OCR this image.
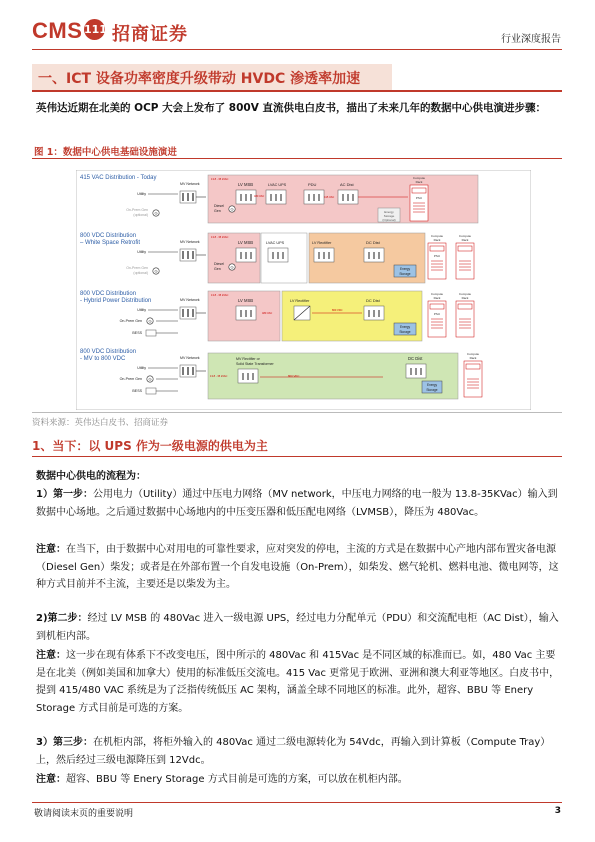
CMS 111 招商证券	行业深度报告
一、ICT 设备功率密度升级带动 HVDC 渗透率加速
英伟达近期在北美的 OCP 大会上发布了 800V 直流供电白皮书，描出了未来几年的数据中心供电演进步骤：
图 1：数据中心供电基础设施演进
415 VAC Distribution - Today
Utility
On-Prem Gen
(optional) G
MV Network
13.8 - 35 kVAC
Diesel
Gen G
LV MSB	LVAC UPS
480 VAC
PDU	AC Dist
415 VAC
Energy
Storage
(Optional)
Compute
Rack
PSU
800 VDC Distribution
– White Space Retrofit
Utility
On-Prem Gen
(optional) G
MV Network
13.8 - 35 kVAC
Diesel
Gen G
LV MSB	LVAC UPS	LV Rectifier	DC Dist
Energy
Storage
Compute
Rack
PSU
Compute
Rack
800 VDC Distribution
- Hybrid Power Distribution
Utility
On-Prem Gen G
BESS
MV Network
13.8 - 35 kVAC
LV MSB	LV Rectifier
480 VAC
800 VDC
DC Dist
Energy
Storage
Compute
Rack
PSU
Compute
Rack
800 VDC Distribution
- MV to 800 VDC
Utility
On-Prem Gen G
BESS
MV Network	MV Rectifier or
Solid State Transformer
13.8 - 35 kVAC	800 VDC
DC Dist
Energy
Storage
Compute
Rack
资料来源：英伟达白皮书、招商证券
1、当下：以 UPS 作为一级电源的供电为主
数据中心供电的流程为：
1）第一步：公用电力（Utility）通过中压电力网络（MV network，中压电力网络的电一般为 13.8-35KVac）输入到数据中心场地。之后通过数据中心场地内的中压变压器和低压配电网络（LVMSB），降压为 480Vac。
注意：在当下，由于数据中心对用电的可靠性要求，应对突发的停电，主流的方式是在数据中心产地内部布置灾备电源（Diesel Gen）柴发；或者是在外部布置一个自发电设施（On-Prem），如柴发、燃气轮机、燃料电池、微电网等，这种方式目前并不主流，主要还是以柴发为主。
2)第二步：经过 LV MSB 的 480Vac 进入一级电源 UPS，经过电力分配单元（PDU）和交流配电柜（AC Dist），输入到机柜内部。
注意：这一步在现有体系下不改变电压，图中所示的 480Vac 和 415Vac 是不同区域的标准而已。如，480 Vac 主要是在北美（例如美国和加拿大）使用的标准低压交流电。415 Vac 更常见于欧洲、亚洲和澳大利亚等地区。白皮书中，提到 415/480 VAC 系统是为了泛指传统低压 AC 架构，涵盖全球不同地区的标准。此外，超容、BBU 等 Enery Storage 方式目前是可选的方案。
3）第三步：在机柜内部，将柜外输入的 480Vac 通过二级电源转化为 54Vdc，再输入到计算板（Compute Tray）上，然后经过三级电源降压到 12Vdc。
注意：超容、BBU 等 Enery Storage 方式目前是可选的方案，可以放在机柜内部。
敬请阅读末页的重要说明	3
